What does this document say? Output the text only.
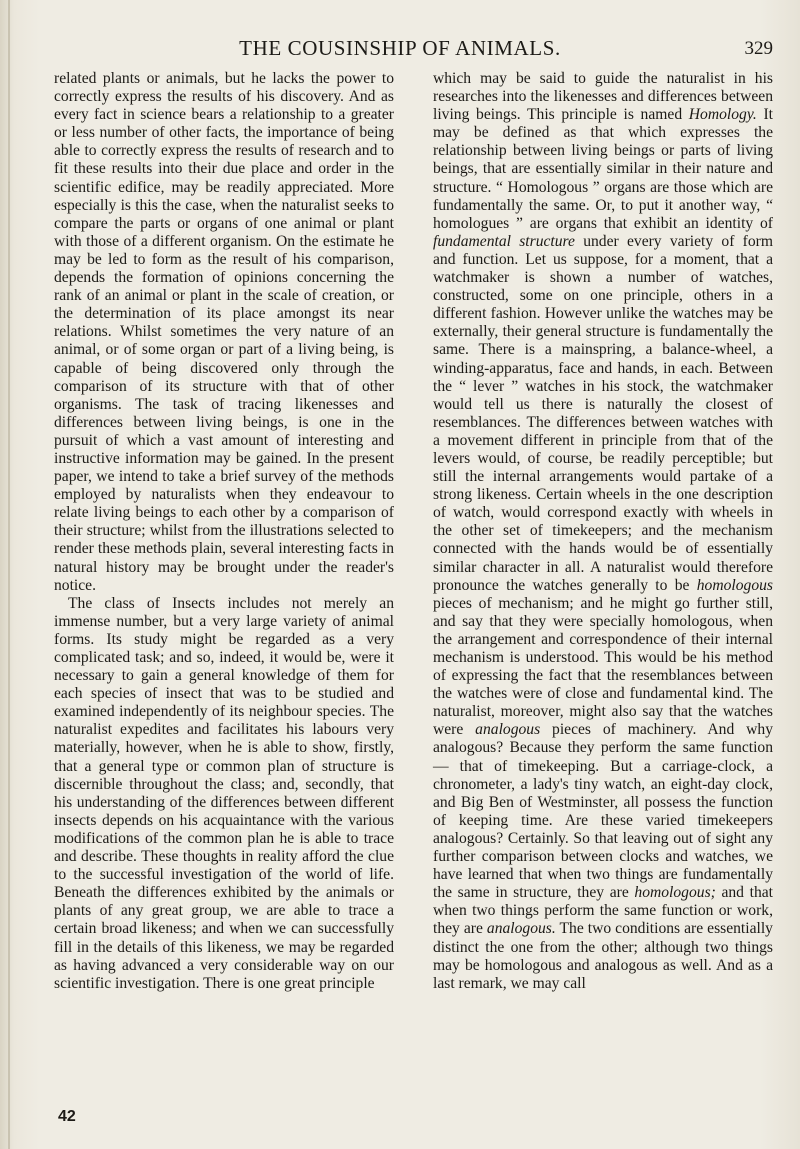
THE COUSINSHIP OF ANIMALS.	329

related plants or animals, but he lacks the power to correctly express the results of his discovery. And as every fact in science bears a relationship to a greater or less number of other facts, the importance of being able to correctly express the results of research and to fit these results into their due place and order in the scientific edifice, may be readily appreciated. More especially is this the case, when the naturalist seeks to compare the parts or organs of one animal or plant with those of a different organism. On the estimate he may be led to form as the result of his comparison, depends the formation of opinions concerning the rank of an animal or plant in the scale of creation, or the determination of its place amongst its near relations. Whilst sometimes the very nature of an animal, or of some organ or part of a living being, is capable of being discovered only through the comparison of its structure with that of other organisms. The task of tracing likenesses and differences between living beings, is one in the pursuit of which a vast amount of interesting and instructive information may be gained. In the present paper, we intend to take a brief survey of the methods employed by naturalists when they endeavour to relate living beings to each other by a comparison of their structure; whilst from the illustrations selected to render these methods plain, several interesting facts in natural history may be brought under the reader's notice.

The class of Insects includes not merely an immense number, but a very large variety of animal forms. Its study might be regarded as a very complicated task; and so, indeed, it would be, were it necessary to gain a general knowledge of them for each species of insect that was to be studied and examined independently of its neighbour species. The naturalist expedites and facilitates his labours very materially, however, when he is able to show, firstly, that a general type or common plan of structure is discernible throughout the class; and, secondly, that his understanding of the differences between different insects depends on his acquaintance with the various modifications of the common plan he is able to trace and describe. These thoughts in reality afford the clue to the successful investigation of the world of life. Beneath the differences exhibited by the animals or plants of any great group, we are able to trace a certain broad likeness; and when we can successfully fill in the details of this likeness, we may be regarded as having advanced a very considerable way on our scientific investigation. There is one great principle

which may be said to guide the naturalist in his researches into the likenesses and differences between living beings. This principle is named Homology. It may be defined as that which expresses the relationship between living beings or parts of living beings, that are essentially similar in their nature and structure. “ Homologous ” organs are those which are fundamentally the same. Or, to put it another way, “ homologues ” are organs that exhibit an identity of fundamental structure under every variety of form and function. Let us suppose, for a moment, that a watchmaker is shown a number of watches, constructed, some on one principle, others in a different fashion. However unlike the watches may be externally, their general structure is fundamentally the same. There is a mainspring, a balance-wheel, a winding-apparatus, face and hands, in each. Between the “ lever ” watches in his stock, the watchmaker would tell us there is naturally the closest of resemblances. The differences between watches with a movement different in principle from that of the levers would, of course, be readily perceptible; but still the internal arrangements would partake of a strong likeness. Certain wheels in the one description of watch, would correspond exactly with wheels in the other set of timekeepers; and the mechanism connected with the hands would be of essentially similar character in all. A naturalist would therefore pronounce the watches generally to be homologous pieces of mechanism; and he might go further still, and say that they were specially homologous, when the arrangement and correspondence of their internal mechanism is understood. This would be his method of expressing the fact that the resemblances between the watches were of close and fundamental kind. The naturalist, moreover, might also say that the watches were analogous pieces of machinery. And why analogous? Because they perform the same function— that of timekeeping. But a carriage-clock, a chronometer, a lady's tiny watch, an eight-day clock, and Big Ben of Westminster, all possess the function of keeping time. Are these varied timekeepers analogous? Certainly. So that leaving out of sight any further comparison between clocks and watches, we have learned that when two things are fundamentally the same in structure, they are homologous; and that when two things perform the same function or work, they are analogous. The two conditions are essentially distinct the one from the other; although two things may be homologous and analogous as well. And as a last remark, we may call

42
